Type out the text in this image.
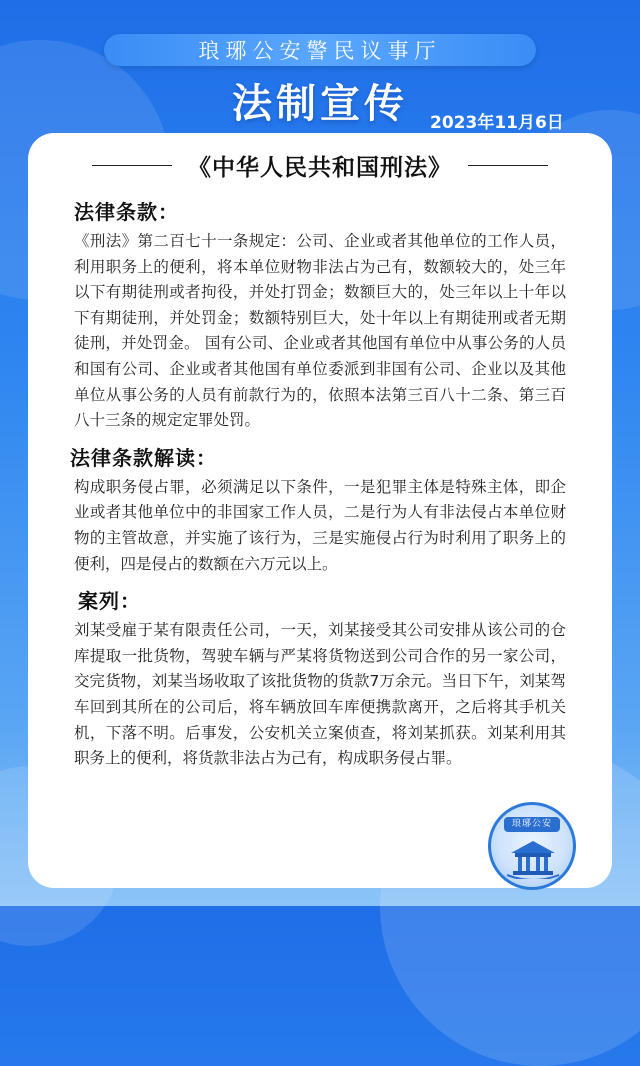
琅琊公安警民议事厅
法制宣传	2023年11月6日
《中华人民共和国刑法》
法律条款：

《刑法》第二百七十一条规定：公司、企业或者其他单位的工作人员，利用职务上的便利，将本单位财物非法占为己有，数额较大的，处三年以下有期徒刑或者拘役，并处打罚金；数额巨大的，处三年以上十年以下有期徒刑，并处罚金；数额特别巨大，处十年以上有期徒刑或者无期徒刑，并处罚金。 国有公司、企业或者其他国有单位中从事公务的人员和国有公司、企业或者其他国有单位委派到非国有公司、企业以及其他单位从事公务的人员有前款行为的，依照本法第三百八十二条、第三百八十三条的规定定罪处罚。

法律条款解读：

构成职务侵占罪，必须满足以下条件，一是犯罪主体是特殊主体，即企业或者其他单位中的非国家工作人员，二是行为人有非法侵占本单位财物的主管故意，并实施了该行为，三是实施侵占行为时利用了职务上的便利，四是侵占的数额在六万元以上。

案列：

刘某受雇于某有限责任公司，一天，刘某接受其公司安排从该公司的仓库提取一批货物，驾驶车辆与严某将货物送到公司合作的另一家公司，交完货物，刘某当场收取了该批货物的货款7万余元。当日下午，刘某驾车回到其所在的公司后，将车辆放回车库便携款离开，之后将其手机关机，下落不明。后事发，公安机关立案侦查，将刘某抓获。刘某利用其职务上的便利，将货款非法占为己有，构成职务侵占罪。

琅琊公安
